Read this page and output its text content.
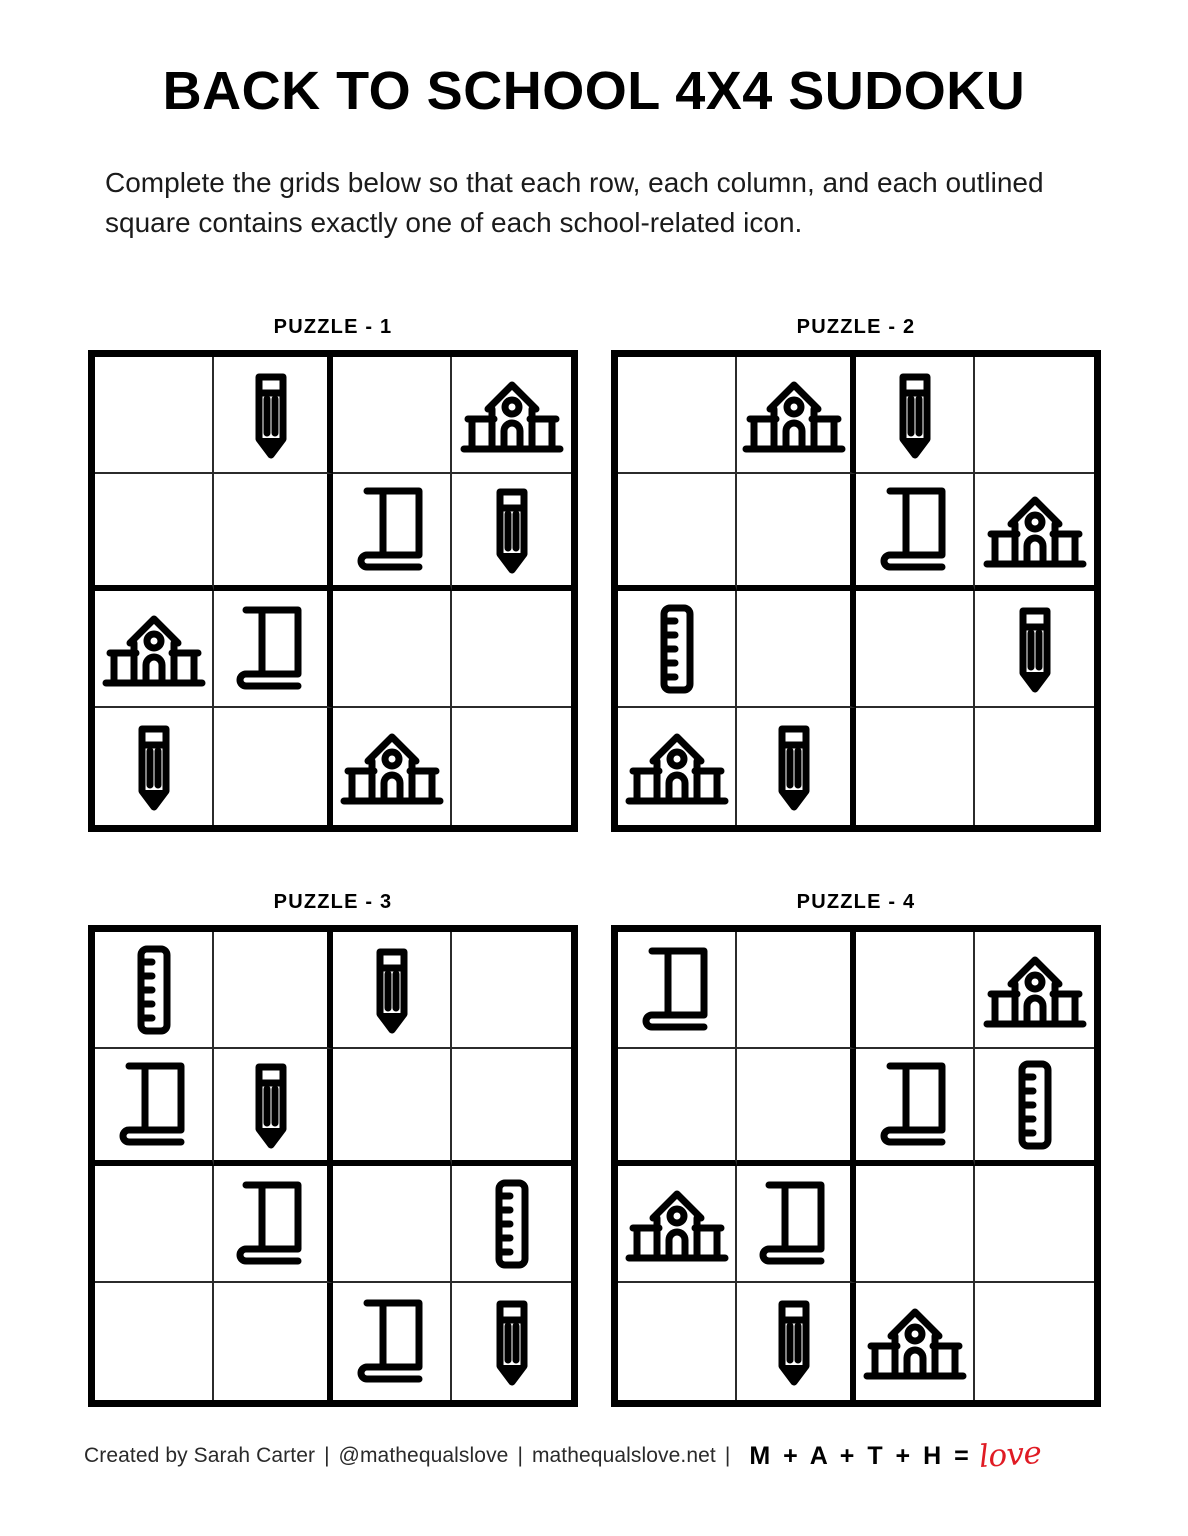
BACK TO SCHOOL 4X4 SUDOKU

Complete the grids below so that each row, each column, and each outlined square contains exactly one of each school-related icon.

PUZZLE - 1	PUZZLE - 2
PUZZLE - 3	PUZZLE - 4
Created by Sarah Carter | @mathequalslove | mathequalslove.net | M + A + T + H = love
